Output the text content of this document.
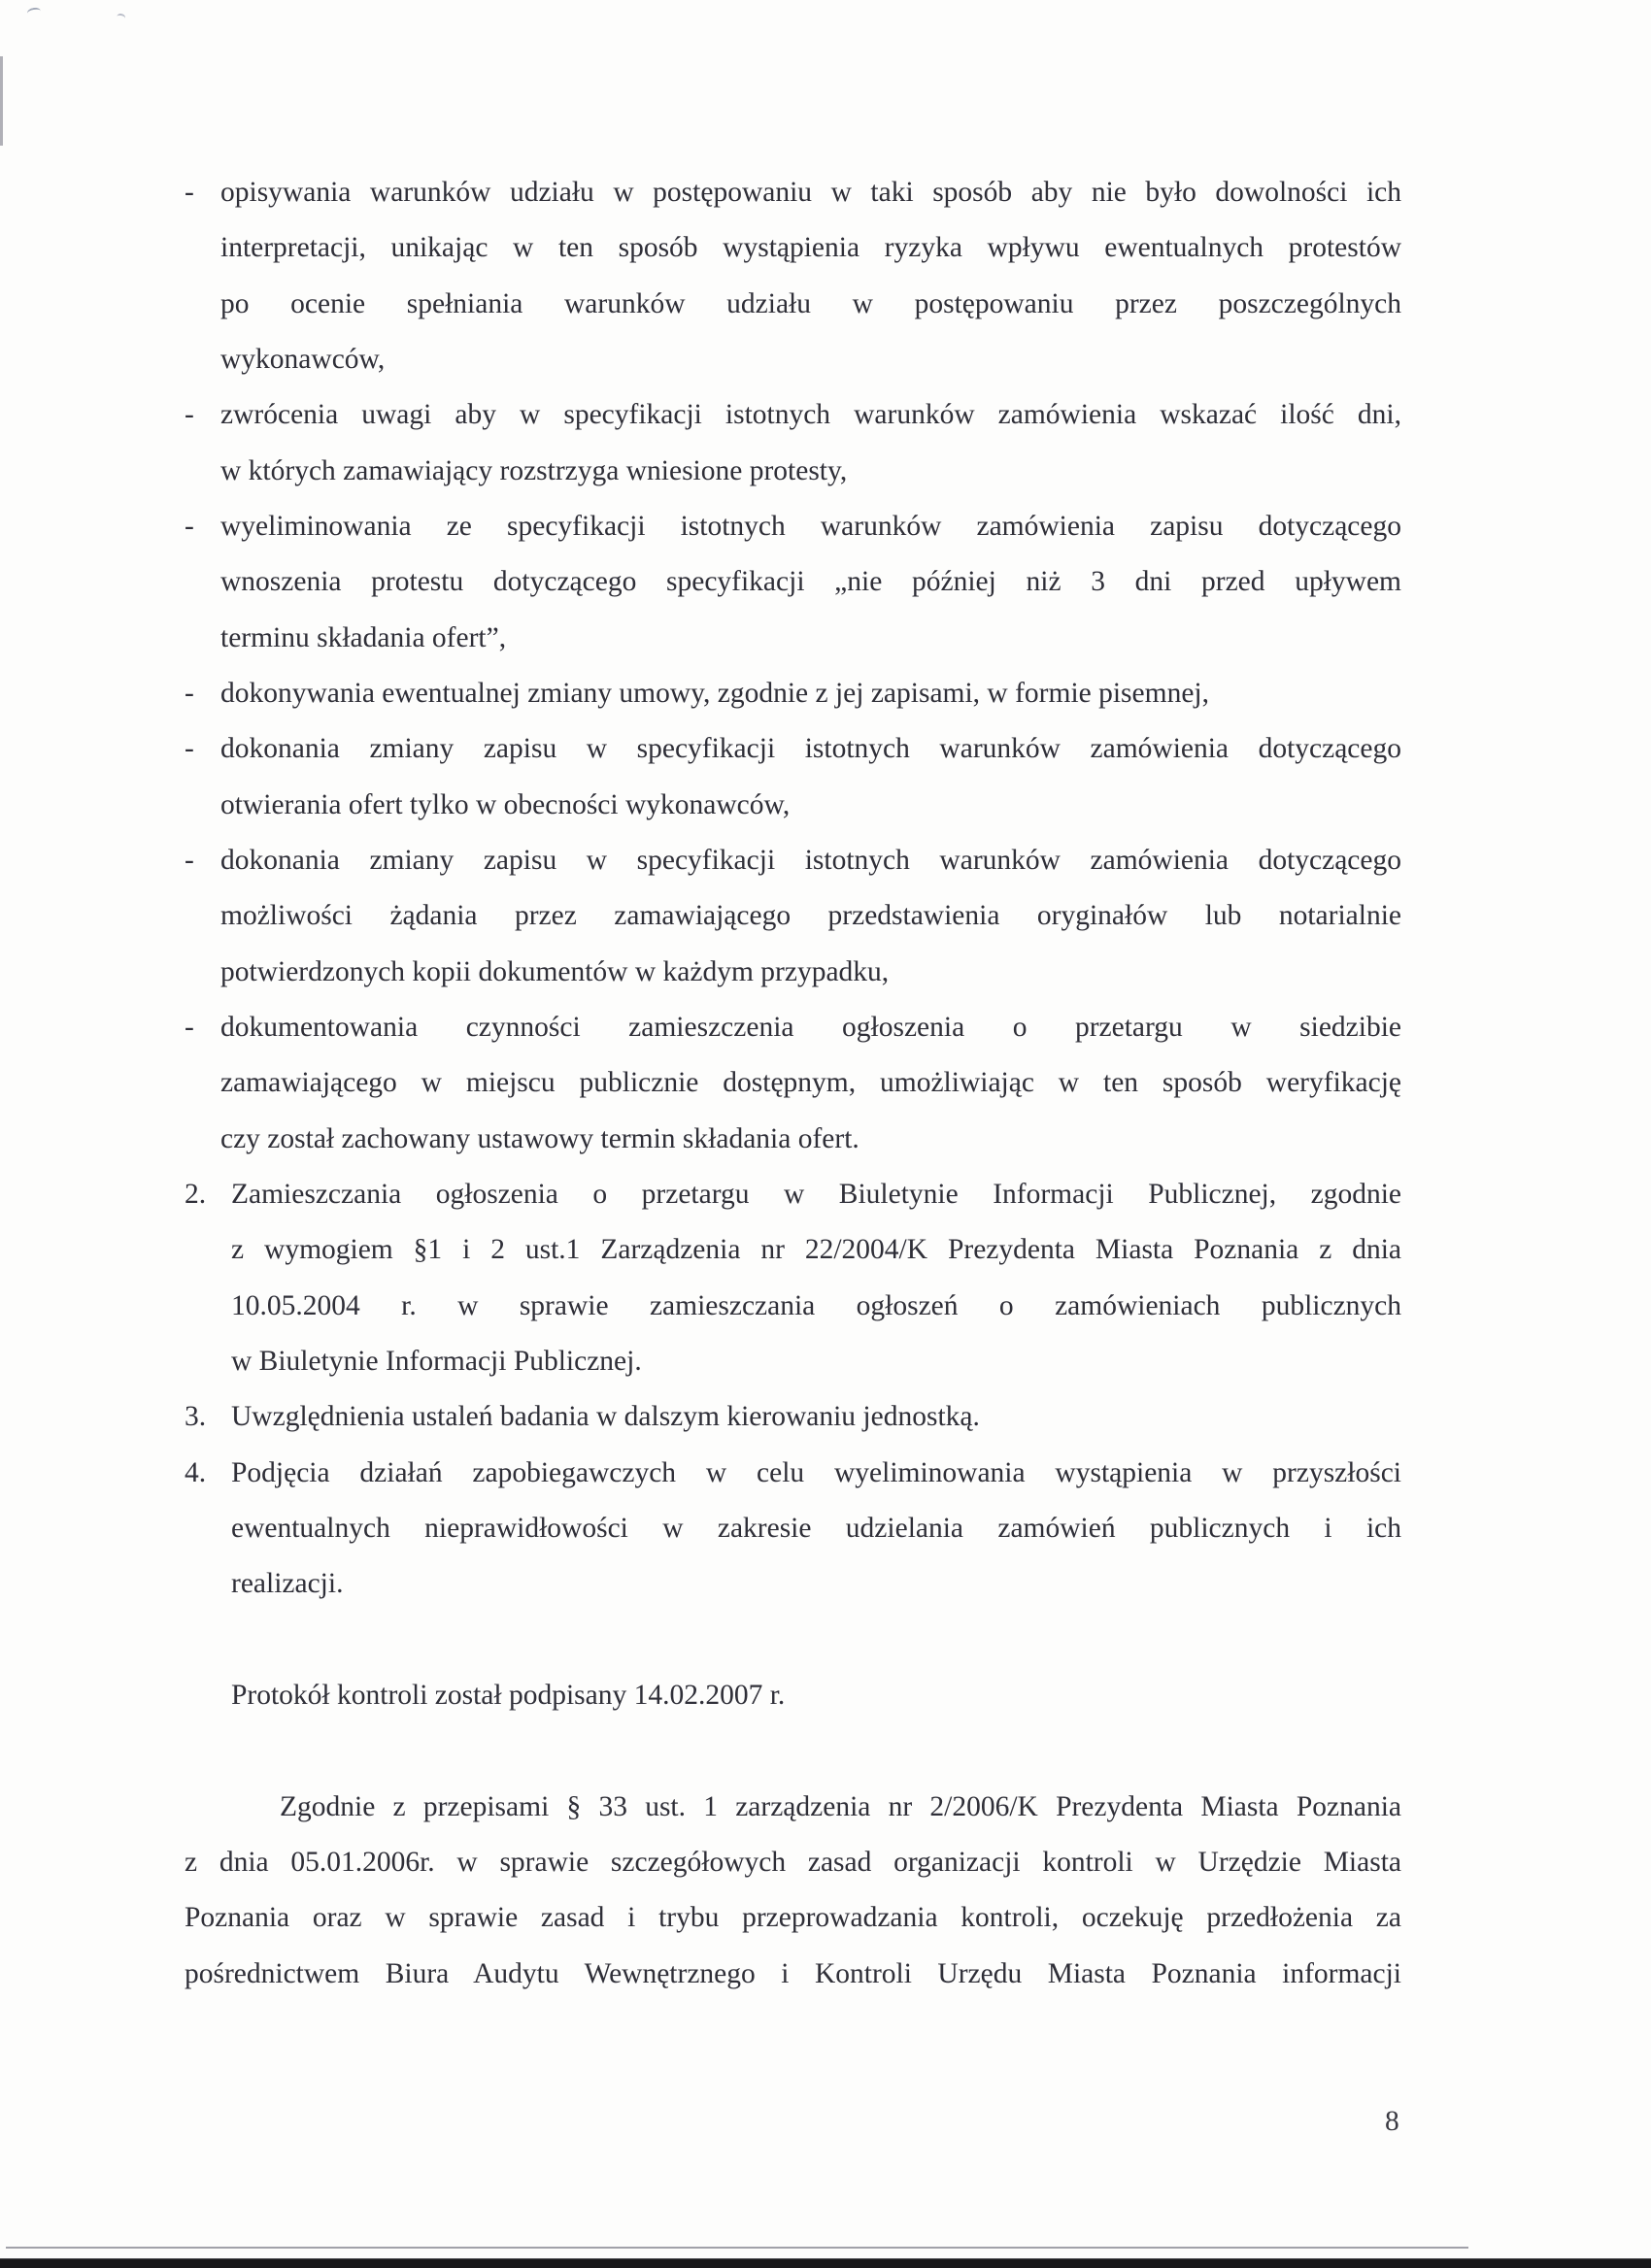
- opisywania warunków udziału w postępowaniu w taki sposób aby nie było dowolności ich
interpretacji, unikając w ten sposób wystąpienia ryzyka wpływu ewentualnych protestów
po ocenie spełniania warunków udziału w postępowaniu przez poszczególnych
wykonawców,
- zwrócenia uwagi aby w specyfikacji istotnych warunków zamówienia wskazać ilość dni,
w których zamawiający rozstrzyga wniesione protesty,
- wyeliminowania ze specyfikacji istotnych warunków zamówienia zapisu dotyczącego
wnoszenia protestu dotyczącego specyfikacji „nie później niż 3 dni przed upływem
terminu składania ofert”,
- dokonywania ewentualnej zmiany umowy, zgodnie z jej zapisami, w formie pisemnej,
- dokonania zmiany zapisu w specyfikacji istotnych warunków zamówienia dotyczącego
otwierania ofert tylko w obecności wykonawców,
- dokonania zmiany zapisu w specyfikacji istotnych warunków zamówienia dotyczącego
możliwości żądania przez zamawiającego przedstawienia oryginałów lub notarialnie
potwierdzonych kopii dokumentów w każdym przypadku,
- dokumentowania czynności zamieszczenia ogłoszenia o przetargu w siedzibie
zamawiającego w miejscu publicznie dostępnym, umożliwiając w ten sposób weryfikację
czy został zachowany ustawowy termin składania ofert.
2. Zamieszczania ogłoszenia o przetargu w Biuletynie Informacji Publicznej, zgodnie
z wymogiem §1 i 2 ust.1 Zarządzenia nr 22/2004/K Prezydenta Miasta Poznania z dnia
10.05.2004 r. w sprawie zamieszczania ogłoszeń o zamówieniach publicznych
w Biuletynie Informacji Publicznej.
3. Uwzględnienia ustaleń badania w dalszym kierowaniu jednostką.
4. Podjęcia działań zapobiegawczych w celu wyeliminowania wystąpienia w przyszłości
ewentualnych nieprawidłowości w zakresie udzielania zamówień publicznych i ich
realizacji.
Protokół kontroli został podpisany 14.02.2007 r.
Zgodnie z przepisami § 33 ust. 1 zarządzenia nr 2/2006/K Prezydenta Miasta Poznania
z dnia 05.01.2006r. w sprawie szczegółowych zasad organizacji kontroli w Urzędzie Miasta
Poznania oraz w sprawie zasad i trybu przeprowadzania kontroli, oczekuję przedłożenia za
pośrednictwem Biura Audytu Wewnętrznego i Kontroli Urzędu Miasta Poznania informacji
8
